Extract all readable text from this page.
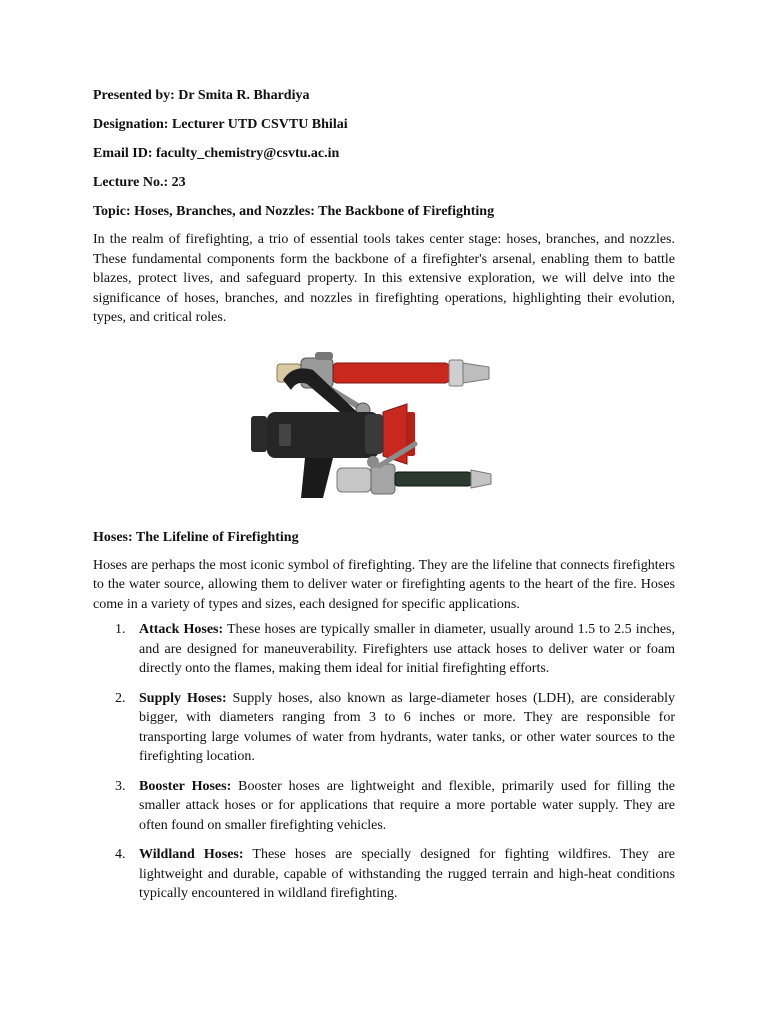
Presented by: Dr Smita R. Bhardiya

Designation: Lecturer UTD CSVTU Bhilai

Email ID: faculty_chemistry@csvtu.ac.in

Lecture No.: 23

Topic: Hoses, Branches, and Nozzles: The Backbone of Firefighting

In the realm of firefighting, a trio of essential tools takes center stage: hoses, branches, and nozzles. These fundamental components form the backbone of a firefighter's arsenal, enabling them to battle blazes, protect lives, and safeguard property. In this extensive exploration, we will delve into the significance of hoses, branches, and nozzles in firefighting operations, highlighting their evolution, types, and critical roles.

Hoses: The Lifeline of Firefighting

Hoses are perhaps the most iconic symbol of firefighting. They are the lifeline that connects firefighters to the water source, allowing them to deliver water or firefighting agents to the heart of the fire. Hoses come in a variety of types and sizes, each designed for specific applications.

1. Attack Hoses: These hoses are typically smaller in diameter, usually around 1.5 to 2.5 inches, and are designed for maneuverability. Firefighters use attack hoses to deliver water or foam directly onto the flames, making them ideal for initial firefighting efforts.
2. Supply Hoses: Supply hoses, also known as large-diameter hoses (LDH), are considerably bigger, with diameters ranging from 3 to 6 inches or more. They are responsible for transporting large volumes of water from hydrants, water tanks, or other water sources to the firefighting location.
3. Booster Hoses: Booster hoses are lightweight and flexible, primarily used for filling the smaller attack hoses or for applications that require a more portable water supply. They are often found on smaller firefighting vehicles.
4. Wildland Hoses: These hoses are specially designed for fighting wildfires. They are lightweight and durable, capable of withstanding the rugged terrain and high-heat conditions typically encountered in wildland firefighting.
